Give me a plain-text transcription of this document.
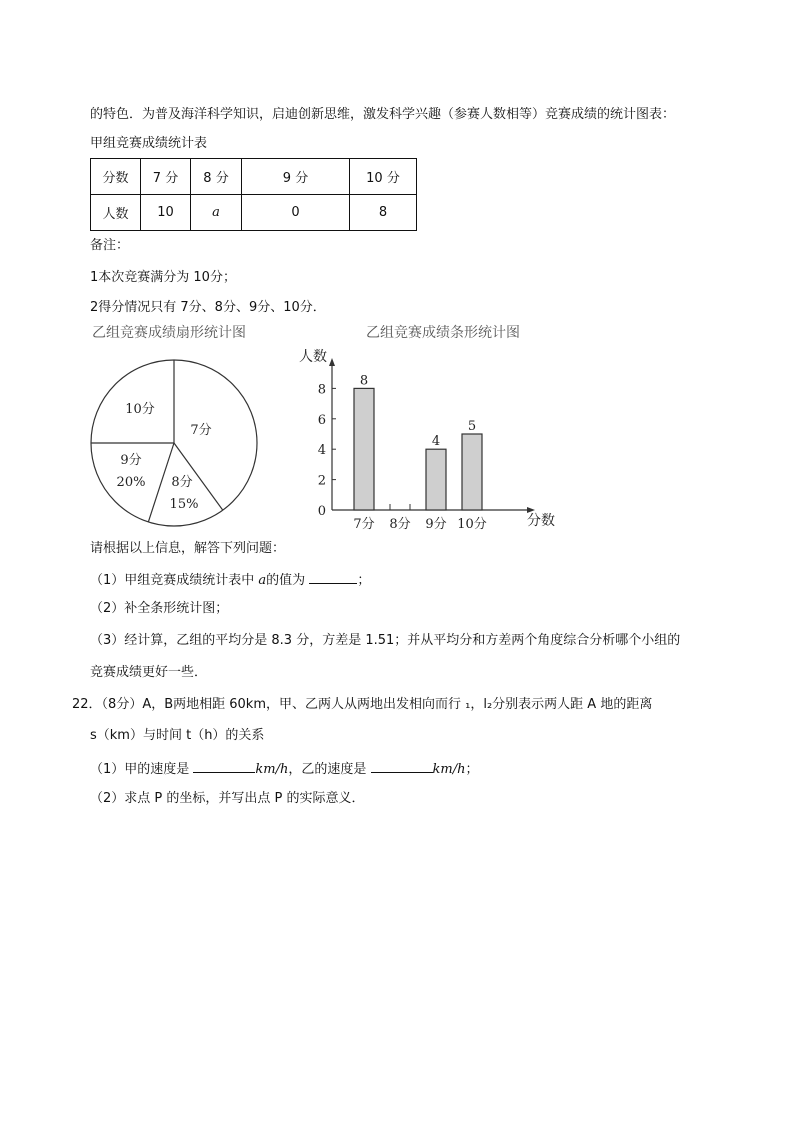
的特色．为普及海洋科学知识，启迪创新思维，激发科学兴趣（参赛人数相等）竞赛成绩的统计图表：
甲组竞赛成绩统计表
分数	7 分	8 分	9 分	10 分
人数	10	a	0	8
备注：
1本次竞赛满分为 10分；
2得分情况只有 7分、8分、9分、10分．
乙组竞赛成绩扇形统计图	乙组竞赛成绩条形统计图
7分
10分
9分
20% 8分
15%	0
2
4
6
8
8
7分 8分
4
9分
5
10分
人数
分数
请根据以上信息，解答下列问题：
（1）甲组竞赛成绩统计表中 a的值为	；
（2）补全条形统计图；
（3）经计算，乙组的平均分是 8.3 分，方差是 1.51；并从平均分和方差两个角度综合分析哪个小组的
竞赛成绩更好一些．
22．（8分）A，B两地相距 60km，甲、乙两人从两地出发相向而行 ₁，l₂分别表示两人距 A 地的距离
s（km）与时间 t（h）的关系
（1）甲的速度是	km/h，乙的速度是	km/h；
（2）求点 P 的坐标，并写出点 P 的实际意义．
